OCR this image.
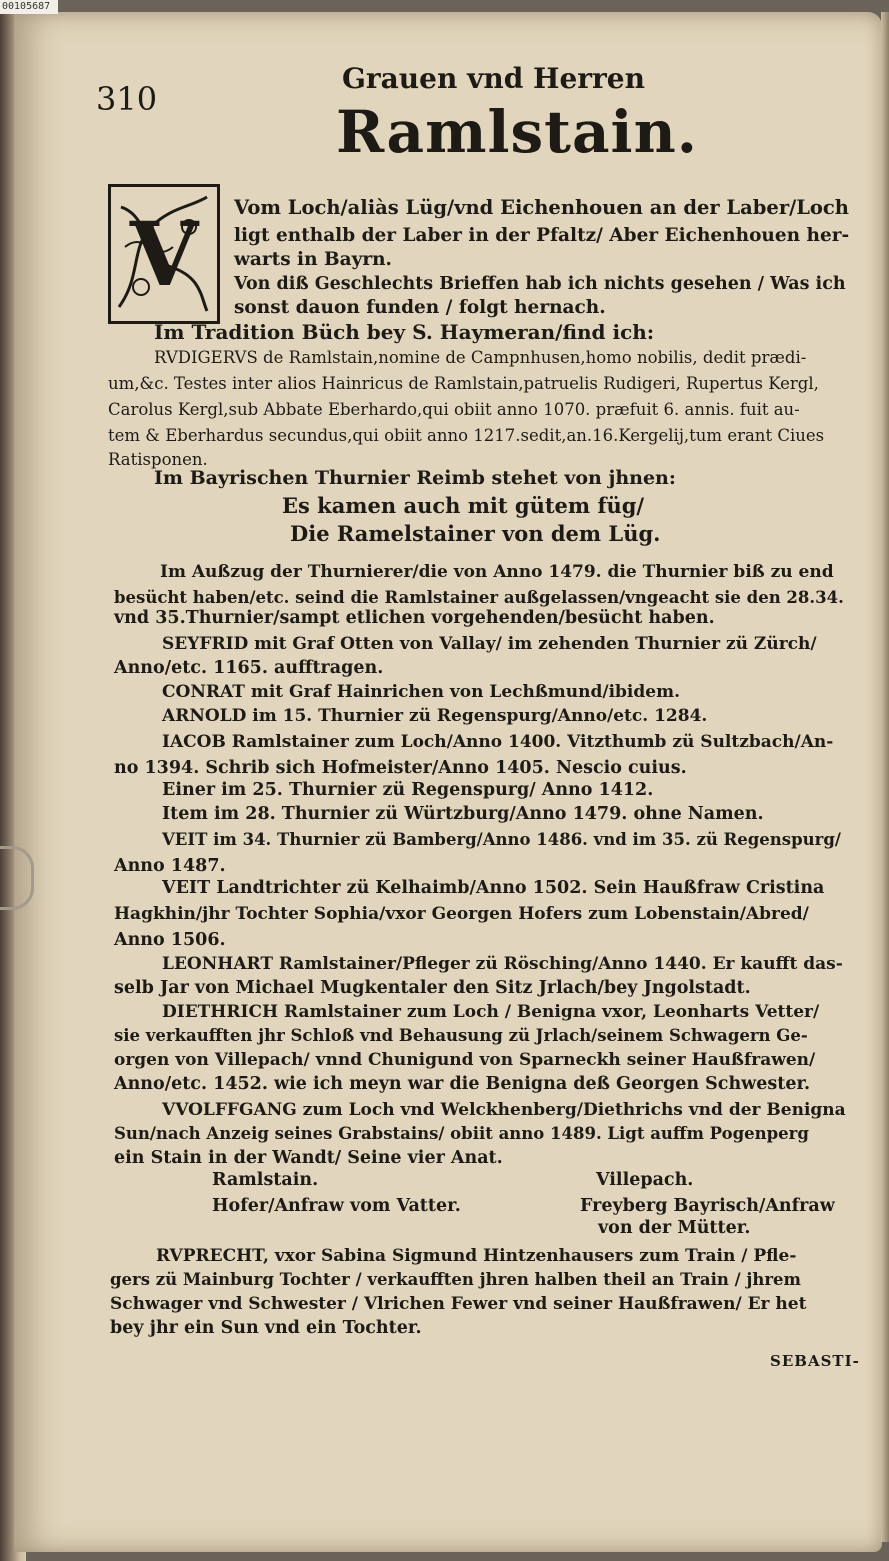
00105687
310
Grauen vnd Herren
Ramlstain.
V Vom Loch/aliàs Lüg/vnd Eichenhouen an der Laber/Loch
ligt enthalb der Laber in der Pfaltz/ Aber Eichenhouen her-
warts in Bayrn.
Von diß Geschlechts Brieffen hab ich nichts gesehen / Was ich
sonst dauon funden / folgt hernach.
Im Tradition Büch bey S. Haymeran/find ich:
RVDIGERVS de Ramlstain,nomine de Campnhusen,homo nobilis, dedit prædi-
um,&c. Testes inter alios Hainricus de Ramlstain,patruelis Rudigeri, Rupertus Kergl,
Carolus Kergl,sub Abbate Eberhardo,qui obiit anno 1070. præfuit 6. annis. fuit au-
tem & Eberhardus secundus,qui obiit anno 1217.sedit,an.16.Kergelij,tum erant Ciues
Ratisponen.
Im Bayrischen Thurnier Reimb stehet von jhnen:
Es kamen auch mit gütem füg/
Die Ramelstainer von dem Lüg.
Im Außzug der Thurnierer/die von Anno 1479. die Thurnier biß zu end
besücht haben/etc. seind die Ramlstainer außgelassen/vngeacht sie den 28.34.
vnd 35.Thurnier/sampt etlichen vorgehenden/besücht haben.
SEYFRID mit Graf Otten von Vallay/ im zehenden Thurnier zü Zürch/
Anno/etc. 1165. aufftragen.
CONRAT mit Graf Hainrichen von Lechßmund/ibidem.
ARNOLD im 15. Thurnier zü Regenspurg/Anno/etc. 1284.
IACOB Ramlstainer zum Loch/Anno 1400. Vitzthumb zü Sultzbach/An-
no 1394. Schrib sich Hofmeister/Anno 1405. Nescio cuius.
Einer im 25. Thurnier zü Regenspurg/ Anno 1412.
Item im 28. Thurnier zü Würtzburg/Anno 1479. ohne Namen.
VEIT im 34. Thurnier zü Bamberg/Anno 1486. vnd im 35. zü Regenspurg/
Anno 1487.
VEIT Landtrichter zü Kelhaimb/Anno 1502. Sein Haußfraw Cristina
Hagkhin/jhr Tochter Sophia/vxor Georgen Hofers zum Lobenstain/Abred/
Anno 1506.
LEONHART Ramlstainer/Pfleger zü Rösching/Anno 1440. Er kaufft das-
selb Jar von Michael Mugkentaler den Sitz Jrlach/bey Jngolstadt.
DIETHRICH Ramlstainer zum Loch / Benigna vxor, Leonharts Vetter/
sie verkaufften jhr Schloß vnd Behausung zü Jrlach/seinem Schwagern Ge-
orgen von Villepach/ vnnd Chunigund von Sparneckh seiner Haußfrawen/
Anno/etc. 1452. wie ich meyn war die Benigna deß Georgen Schwester.
VVOLFFGANG zum Loch vnd Welckhenberg/Diethrichs vnd der Benigna
Sun/nach Anzeig seines Grabstains/ obiit anno 1489. Ligt auffm Pogenperg
ein Stain in der Wandt/ Seine vier Anat.
Ramlstain.
Hofer/Anfraw vom Vatter.
Villepach.
Freyberg Bayrisch/Anfraw
von der Mütter.
RVPRECHT, vxor Sabina Sigmund Hintzenhausers zum Train / Pfle-
gers zü Mainburg Tochter / verkaufften jhren halben theil an Train / jhrem
Schwager vnd Schwester / Vlrichen Fewer vnd seiner Haußfrawen/ Er het
bey jhr ein Sun vnd ein Tochter.
SEBASTI-
